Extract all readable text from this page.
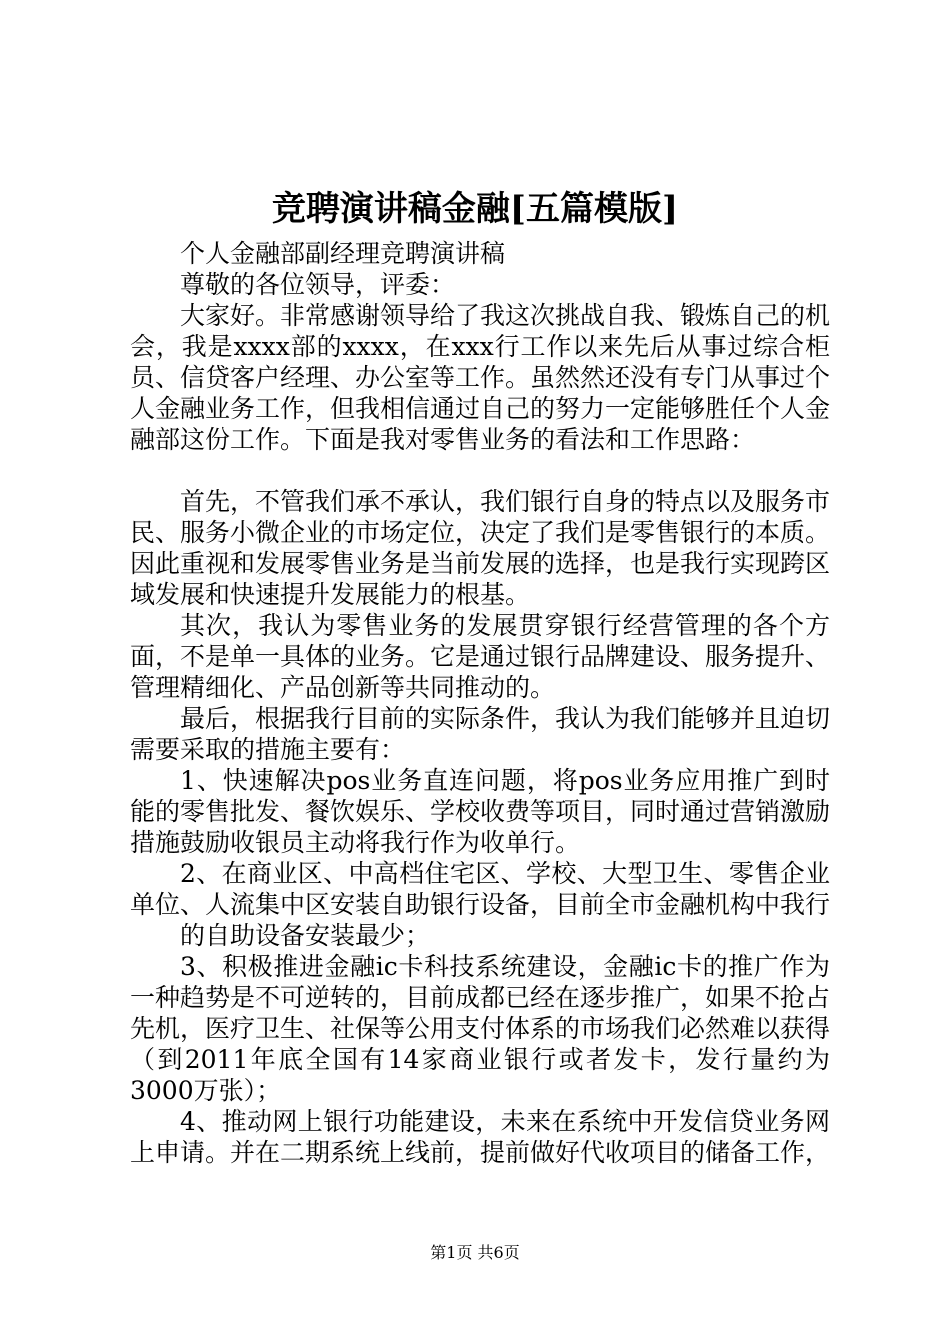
竞聘演讲稿金融[五篇模版]

个人金融部副经理竞聘演讲稿

尊敬的各位领导，评委：

大家好。非常感谢领导给了我这次挑战自我、锻炼自己的机会，我是xxxx部的xxxx，在xxx行工作以来先后从事过综合柜员、信贷客户经理、办公室等工作。虽然然还没有专门从事过个人金融业务工作，但我相信通过自己的努力一定能够胜任个人金融部这份工作。下面是我对零售业务的看法和工作思路：

首先，不管我们承不承认，我们银行自身的特点以及服务市民、服务小微企业的市场定位，决定了我们是零售银行的本质。因此重视和发展零售业务是当前发展的选择，也是我行实现跨区域发展和快速提升发展能力的根基。

其次，我认为零售业务的发展贯穿银行经营管理的各个方面，不是单一具体的业务。它是通过银行品牌建设、服务提升、管理精细化、产品创新等共同推动的。

最后，根据我行目前的实际条件，我认为我们能够并且迫切需要采取的措施主要有：

1、快速解决pos业务直连问题，将pos业务应用推广到时能的零售批发、餐饮娱乐、学校收费等项目，同时通过营销激励措施鼓励收银员主动将我行作为收单行。

2、在商业区、中高档住宅区、学校、大型卫生、零售企业单位、人流集中区安装自助银行设备，目前全市金融机构中我行

的自助设备安装最少；

3、积极推进金融ic卡科技系统建设，金融ic卡的推广作为一种趋势是不可逆转的，目前成都已经在逐步推广，如果不抢占先机，医疗卫生、社保等公用支付体系的市场我们必然难以获得（到2011年底全国有14家商业银行或者发卡，发行量约为3000万张）；

4、推动网上银行功能建设，未来在系统中开发信贷业务网上申请。并在二期系统上线前，提前做好代收项目的储备工作，

第1页 共6页
